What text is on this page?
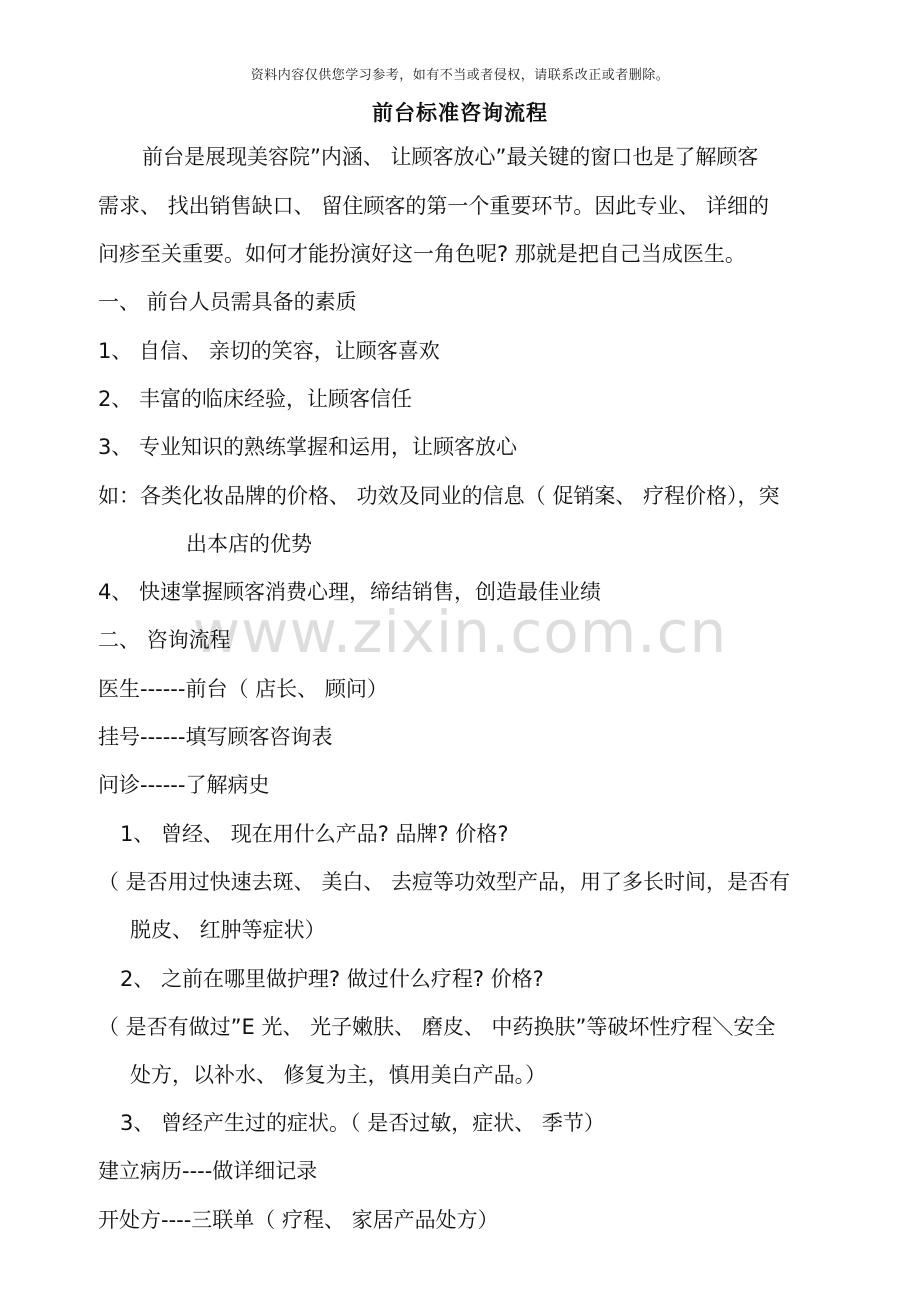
资料内容仅供您学习参考，如有不当或者侵权，请联系改正或者删除。
前台标准咨询流程
www.zixin.com.cn
前台是展现美容院”内涵、 让顾客放心”最关键的窗口也是了解顾客
需求、 找出销售缺口、 留住顾客的第一个重要环节。因此专业、 详细的
问疹至关重要。如何才能扮演好这一角色呢? 那就是把自己当成医生。
一、 前台人员需具备的素质
1、 自信、 亲切的笑容，让顾客喜欢
2、 丰富的临床经验，让顾客信任
3、 专业知识的熟练掌握和运用，让顾客放心
如：各类化妆品牌的价格、 功效及同业的信息（ 促销案、 疗程价格），突
出本店的优势
4、 快速掌握顾客消费心理，缔结销售，创造最佳业绩
二、 咨询流程
医生------前台（ 店长、 顾问）
挂号------填写顾客咨询表
问诊------了解病史
1、 曾经、 现在用什么产品? 品牌? 价格?
（ 是否用过快速去斑、 美白、 去痘等功效型产品，用了多长时间，是否有
脱皮、 红肿等症状）
2、 之前在哪里做护理? 做过什么疗程? 价格?
（ 是否有做过”E 光、 光子嫩肤、 磨皮、 中药换肤”等破坏性疗程＼安全
处方，以补水、 修复为主，慎用美白产品。）
3、 曾经产生过的症状。（ 是否过敏，症状、 季节）
建立病历----做详细记录
开处方----三联单（ 疗程、 家居产品处方）
